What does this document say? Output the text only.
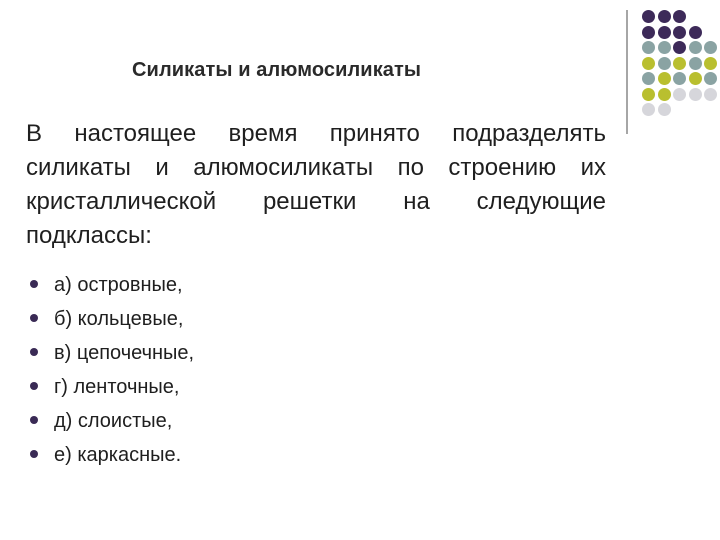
Силикаты и алюмосиликаты
В настоящее время принято подразделять силикаты и алюмосиликаты по строению их кристаллической решетки на следующие подклассы:
а) островные,
б) кольцевые,
в) цепочечные,
г) ленточные,
д) слоистые,
е) каркасные.
